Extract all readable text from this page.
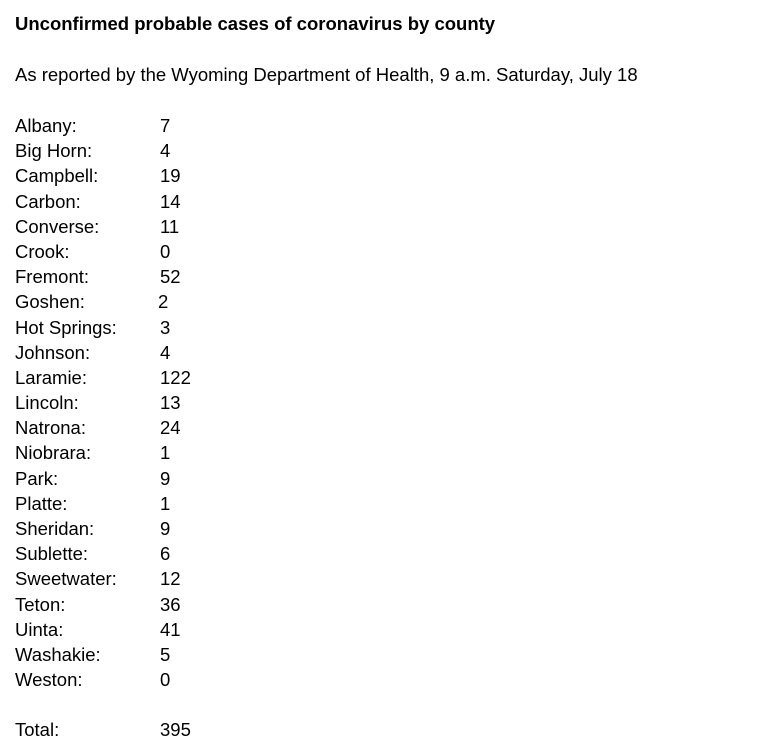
Unconfirmed probable cases of coronavirus by county
As reported by the Wyoming Department of Health, 9 a.m. Saturday, July 18
Albany:	7
Big Horn:	4
Campbell:	19
Carbon:	14
Converse:	11
Crook:	0
Fremont:	52
Goshen:	2
Hot Springs: 3
Johnson:	4
Laramie:	122
Lincoln:	13
Natrona:	24
Niobrara:	1
Park:	9
Platte:	1
Sheridan:	9
Sublette:	6
Sweetwater: 12
Teton:	36
Uinta:	41
Washakie:	5
Weston:	0
Total:	395
